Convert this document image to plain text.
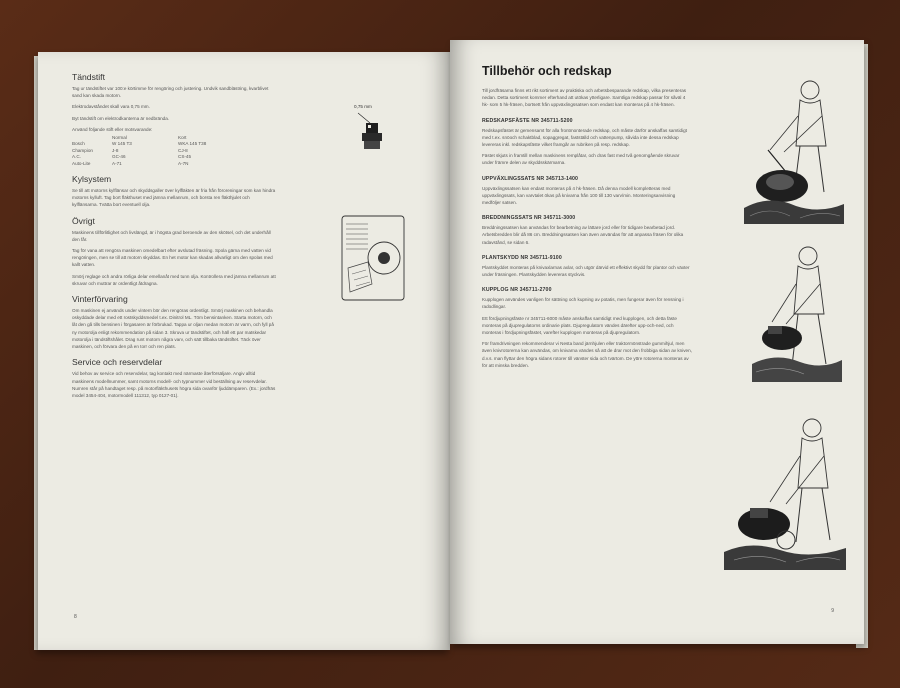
Tändstift

Tag ur tändstiftet var 100:e körtimme för rengöring och justering. Undvik sandblästring, kvarblivet sand kan skada motorn.

Elektrodavståndet skall vara 0,75 mm.

Byt tändstift om elektrodkanterna är nedbrända.

Använd följande stift eller motsvarande:

	Normal	Kort
Bosch	W 145 T3	WKA 145 T38
Champion	J-8	CJ-8
A.C.	GC-46	CS-45
Auto-Lite	A-71	A-7N
Kylsystem

Se till att motorns kylflänsar och skyddsgaller över kylfläkten är fria från föroreningar som kan hindra motorns kylluft. Tag bort fläkthuset med jämna mellanrum, och borsta ren fläkthjulet och kylflänsarna. Tvätta bort eventuell olja.

Övrigt

Maskinens tillförlitlighet och livslängd, är i högsta grad beroende av den skötsel, och det underhåll den får.

Tag för vana att rengöra maskinen omedelbart efter avslutad fräsning. Spola gärna med vatten vid rengöringen, men se till att motorn skyddas. En het motor kan skadas allvarligt om den spolas med kallt vatten.

Smörj reglage och andra rörliga delar emellanåt med tunn olja. Kontrollera med jämna mellanrum att skruvar och muttrar är ordentligt åtdragna.

Vinterförvaring

Om maskinen ej används under vintern bör den rengöras ordentligt. Smörj maskinen och behandla oskyddade delar med ett rostskyddsmedel t.ex. Dinitrol ML. Töm bensintanken. Starta motorn, och låt den gå tills bensinen i förgasaren är förbrukad. Tappa ur oljan medan motorn är varm, och fyll på ny motorolja enligt rekommendation på sidan 3. Skruva ur tändstiftet, och häll ett par matskedar motorolja i tändstiftshålet. Drag runt motorn några varv, och sätt tillbaka tändstiftet. Täck över maskinen, och förvara den på en torr och ren plats.

Service och reservdelar

Vid behov av service och reservdelar, tag kontakt med närmaste återförsäljare. Angiv alltid maskinens modellnummer, samt motorns modell- och typnummer vid beställning av reservdelar. Numren står på handtaget resp. på motorfläkthusets högra sida ovanför ljuddämparen. (Ex.: jordfräs model 3454-404, motormodell 111312, typ 0127-01).

0,75 mm
8
Tillbehör och redskap

Till jordfräsarna finns ett rikt sortiment av praktiska och arbetsbesparande redskap, vilka presenteras nedan. Detta sortiment kommer efterhand att utökas ytterligare. Samtliga redskap passar för såväl 4 hk- som 5 hk-fräsen, bortsett från uppväxlingssatsen som endast kan monteras på 4 hk-fräsen.

REDSKAPSFÄSTE NR 345711-5200

Redskapsfästet är gemensamt för alla frontmonterade redskap, och måste därför anskaffas samtidigt med t.ex. snöoch schaktblad, sopaggregat, fastställd och vattenpump, såvida inte dessa redskap levereras inkl. redskapsfäste vilket framgår av rubriken på resp. redskap.

Fästet skjuts in framtill mellan maskinens remplåtar, och dras fast med två genomgående skruvar under främre delen av skyddsskärmarna.

UPPVÄXLINGSSATS NR 345713-1400

Uppväxlingssatsen kan endast monteras på 4 hk-fräsen. Då denna modell kompletteras med uppväxlingssats, kan varvtalet ökas på knivarna från 100 till 130 varv/min. Monteringsanvisning medföljer satsen.

BREDDNINGSSATS NR 345711-3000

Breddningssatsen kan användas för bearbetning av lättare jord eller för tidigare bearbetad jord. Arbetsbredden blir då 86 cm. Breddningssatsen kan även användas för att anpassa fräsen för olika radavstånd, se sidan 6.

PLANTSKYDD NR 345711-9100

Plantskyddet monteras på knivaxlarnas axlar, och utgör därvid ett effektivt skydd för plantor och växter under fräsningen. Plantskydden levereras styckvis.

KUPPLOG NR 345711-2700

Kupplogen användes vanligen för sättning och kupning av potatis, men fungerar även för rensning i radodlingar.

Ett fördjupningsfäste nr 345711-6000 måste anskaffas samtidigt med kupplogen, och detta fäste monteras på djupregulatorns ordinarie plats. Djupregulatorn vändes därefter upp-och-ned, och monteras i fördjupningsfästet, varefter kupplogen monteras på djupregulatorn.

För framdrivningen rekommenderar vi Nesta band järnhjulen eller traktormönstrade gummihjul, men även knivrotorerna kan användas, om knivarna vändes så att de drar mot den frobbiga sidan av kniven, d.v.s. man flyttar den högra sidans rotorer till vänster sida och tvärtom. De yttre rotorerna monteras av för att minska bredden.

9
